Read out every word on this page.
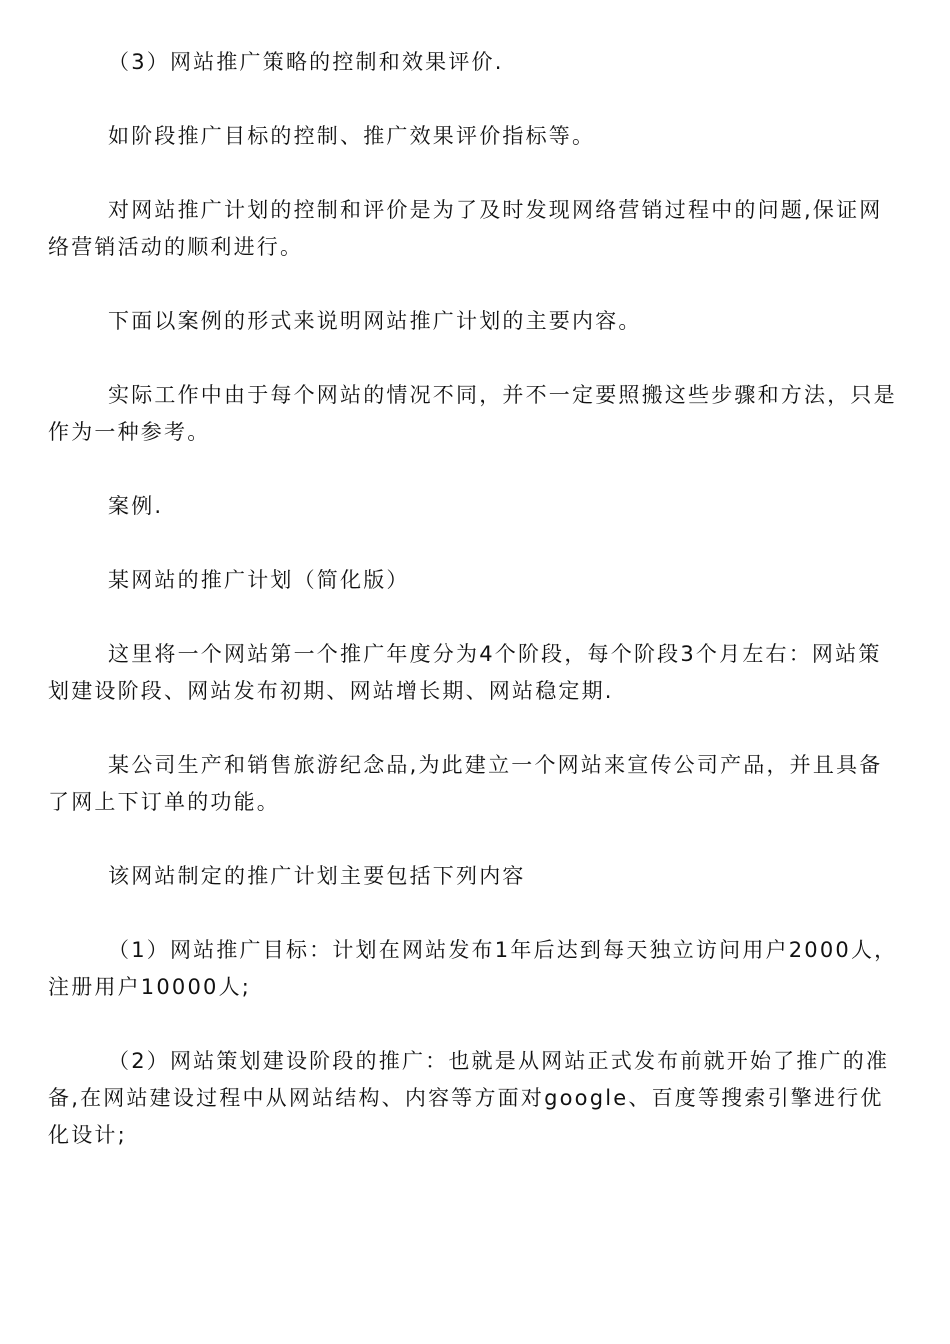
（3）网站推广策略的控制和效果评价.

如阶段推广目标的控制、推广效果评价指标等。

对网站推广计划的控制和评价是为了及时发现网络营销过程中的问题,保证网络营销活动的顺利进行。

下面以案例的形式来说明网站推广计划的主要内容。

实际工作中由于每个网站的情况不同，并不一定要照搬这些步骤和方法，只是作为一种参考。

案例.

某网站的推广计划（简化版）

这里将一个网站第一个推广年度分为4个阶段，每个阶段3个月左右：网站策划建设阶段、网站发布初期、网站增长期、网站稳定期.

某公司生产和销售旅游纪念品,为此建立一个网站来宣传公司产品，并且具备了网上下订单的功能。

该网站制定的推广计划主要包括下列内容

（1）网站推广目标：计划在网站发布1年后达到每天独立访问用户2000人，注册用户10000人;

（2）网站策划建设阶段的推广：也就是从网站正式发布前就开始了推广的准备,在网站建设过程中从网站结构、内容等方面对google、百度等搜索引擎进行优化设计;
